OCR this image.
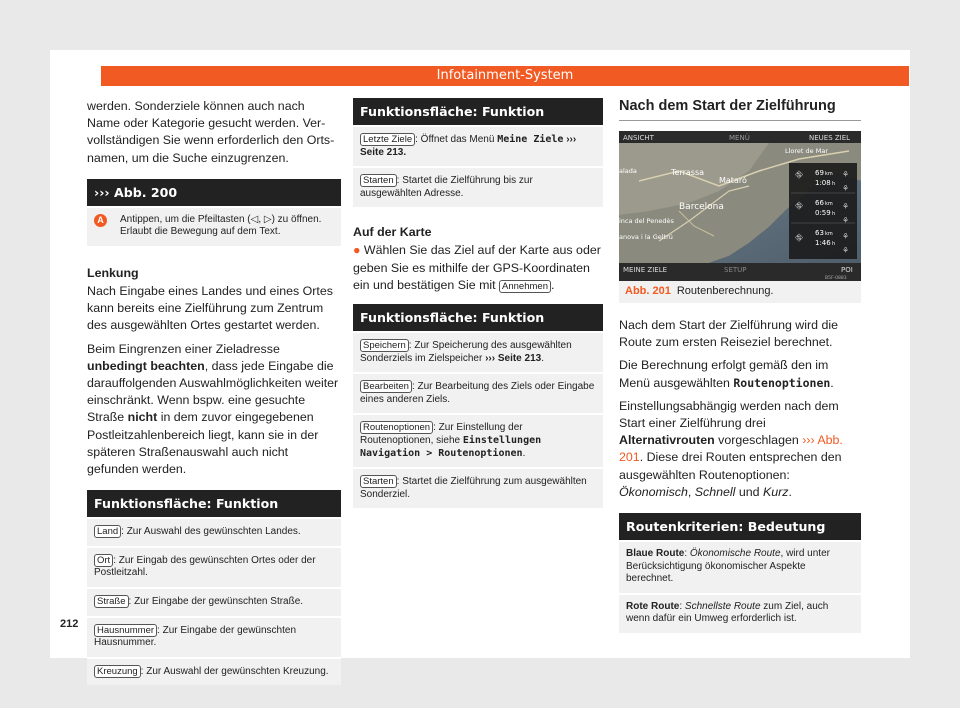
Infotainment-System

werden. Sonderziele können auch nach
Name oder Kategorie gesucht werden. Ver-
vollständigen Sie wenn erforderlich den Orts-
namen, um die Suche einzugrenzen.

››› Abb. 200
A	Antippen, um die Pfeiltasten (◁, ▷) zu öffnen. Erlaubt die Bewegung auf dem Text.
Lenkung

Nach Eingabe eines Landes und eines Ortes
kann bereits eine Zielführung zum Zentrum
des ausgewählten Ortes gestartet werden.

Beim Eingrenzen einer Zieladresse unbedingt beachten, dass jede Eingabe die darauffolgenden Auswahlmöglichkeiten weiter einschränkt. Wenn bspw. eine gesuchte Straße nicht in dem zuvor eingegebenen Postleitzahlenbereich liegt, kann sie in der späteren Straßenauswahl auch nicht gefunden werden.

Funktionsfläche: Funktion
Land : Zur Auswahl des gewünschten Landes.
Ort : Zur Eingab des gewünschten Ortes oder der Postleitzahl.
Straße : Zur Eingabe der gewünschten Straße.
Hausnummer : Zur Eingabe der gewünschten Hausnummer.
Kreuzung : Zur Auswahl der gewünschten Kreuzung.
Funktionsfläche: Funktion
Letzte Ziele : Öffnet das Menü Meine Ziele ››› Seite 213.
Starten : Startet die Zielführung bis zur ausgewählten Adresse.
Auf der Karte

● Wählen Sie das Ziel auf der Karte aus oder geben Sie es mithilfe der GPS-Koordinaten ein und bestätigen Sie mit Annehmen .

Funktionsfläche: Funktion
Speichern : Zur Speicherung des ausgewählten Sonderziels im Zielspeicher ››› Seite 213.
Bearbeiten : Zur Bearbeitung des Ziels oder Eingabe eines anderen Ziels.
Routenoptionen : Zur Einstellung der Routenoptionen, siehe Einstellungen Navigation > Routenoptionen.
Starten : Startet die Zielführung zum ausgewählten Sonderziel.
Nach dem Start der Zielführung
ANSICHT	MENÜ	NEUES ZIEL
Lloret de Mar
Terrassa
Mataró
Barcelona
alada
inca del Penedès
anova i la Geltrú
⛗ 69 km
1:08 h
⛗ 66 km
0:59 h
⛗ 63 km
1:46 h
⚘
⚘
⚘
⚘
⚘
⚘
MEINE ZIELE	SETUP	POI
B5F-0883
Abb. 201 Routenberechnung.

Nach dem Start der Zielführung wird die Route zum ersten Reiseziel berechnet.

Die Berechnung erfolgt gemäß den im Menü ausgewählten Routenoptionen.

Einstellungsabhängig werden nach dem Start einer Zielführung drei Alternativrouten vorgeschlagen ››› Abb. 201. Diese drei Routen entsprechen den ausgewählten Routenoptionen: Ökonomisch, Schnell und Kurz.

Routenkriterien: Bedeutung
Blaue Route: Ökonomische Route, wird unter Berücksichtigung ökonomischer Aspekte berechnet.
Rote Route: Schnellste Route zum Ziel, auch wenn dafür ein Umweg erforderlich ist.
212
